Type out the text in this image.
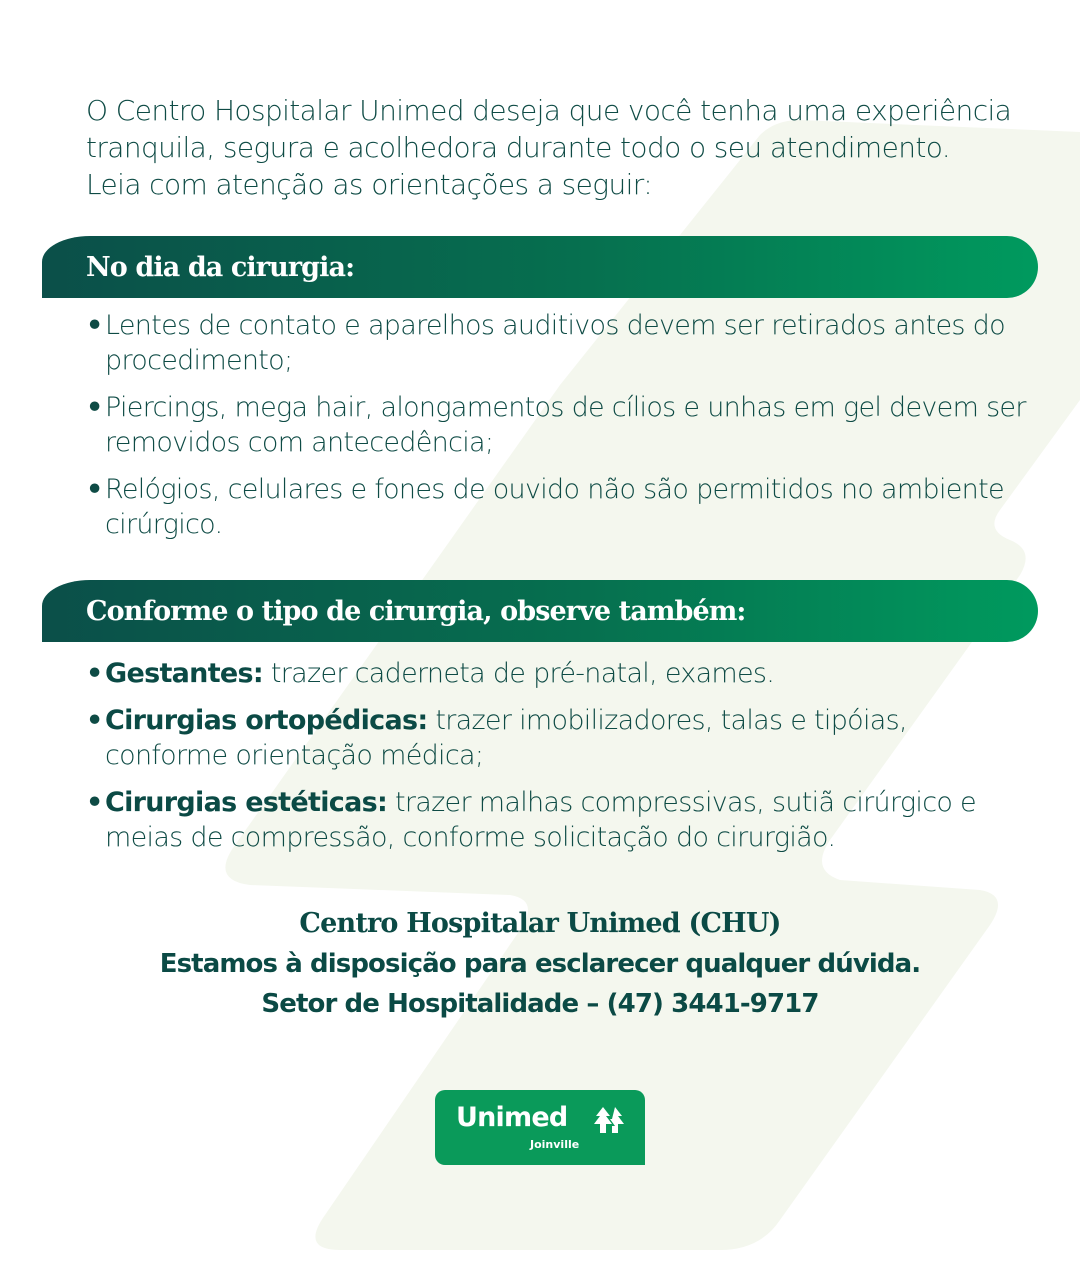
O Centro Hospitalar Unimed deseja que você tenha uma experiência
tranquila, segura e acolhedora durante todo o seu atendimento.
Leia com atenção as orientações a seguir:
No dia da cirurgia:
• Lentes de contato e aparelhos auditivos devem ser retirados antes do procedimento;
• Piercings, mega hair, alongamentos de cílios e unhas em gel devem ser removidos com antecedência;
• Relógios, celulares e fones de ouvido não são permitidos no ambiente cirúrgico.
Conforme o tipo de cirurgia, observe também:
• Gestantes: trazer caderneta de pré-natal, exames.
• Cirurgias ortopédicas: trazer imobilizadores, talas e tipóias, conforme orientação médica;
• Cirurgias estéticas: trazer malhas compressivas, sutiã cirúrgico e meias de compressão, conforme solicitação do cirurgião.
Centro Hospitalar Unimed (CHU)
Estamos à disposição para esclarecer qualquer dúvida.
Setor de Hospitalidade – (47) 3441-9717
Unimed
Joinville
